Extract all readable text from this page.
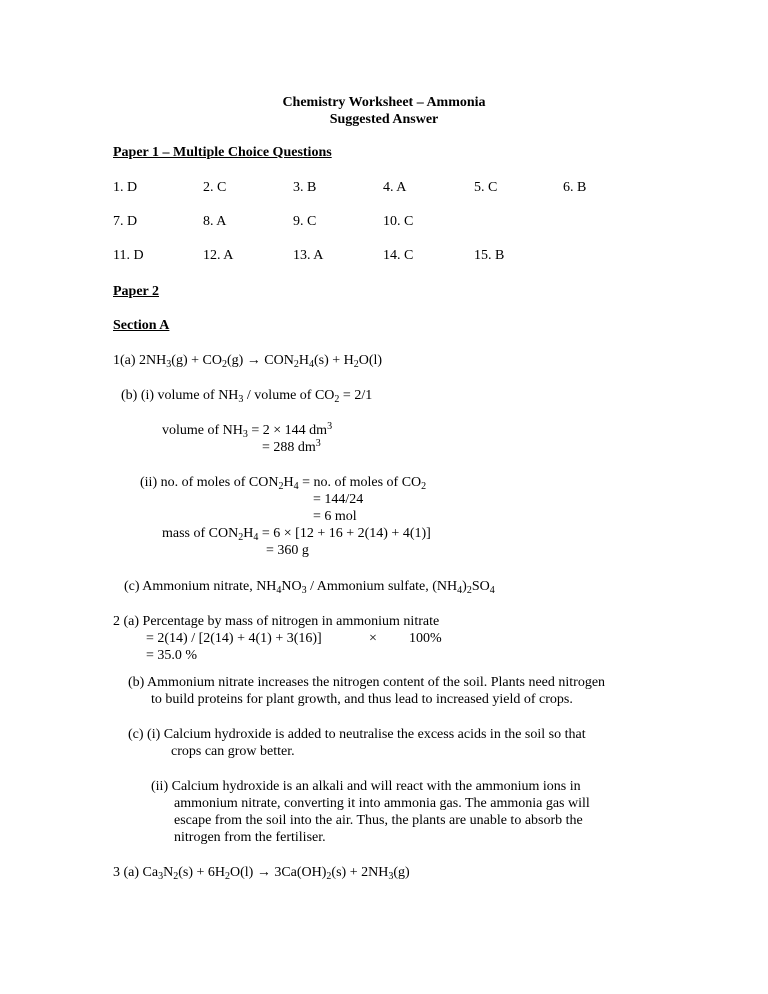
Chemistry Worksheet – Ammonia
Suggested Answer
Paper 1 – Multiple Choice Questions
1. D	2. C	3. B	4. A	5. C	6. B
7. D	8. A	9. C	10. C
11. D	12. A	13. A	14. C	15. B
Paper 2
Section A
1(a) $2NH_3(g) + CO_2(g) \to CON_2H_4(s) + H_2O(l)$
(b) (i) volume of $NH_3$ / volume of $CO_2 = 2/1$
volume of $NH_3 = 2 \times 144$ $dm^3$
= 288 $dm^3$
(ii) no. of moles of $CON_2H_4$ = no. of moles of $CO_2$
= 144/24
= 6 mol
mass of $CON_2H_4 = 6 \times [12 + 16 + 2(14) + 4(1)]$
= 360 g
(c) Ammonium nitrate, $NH_4NO_3$ / Ammonium sulfate, $(NH_4)_2SO_4$
2 (a) Percentage by mass of nitrogen in ammonium nitrate
= 2(14) / [2(14) + 4(1) + 3(16)]	× 100%
= 35.0 %
(b) Ammonium nitrate increases the nitrogen content of the soil. Plants need nitrogen
to build proteins for plant growth, and thus lead to increased yield of crops.
(c) (i) Calcium hydroxide is added to neutralise the excess acids in the soil so that
crops can grow better.
(ii) Calcium hydroxide is an alkali and will react with the ammonium ions in
ammonium nitrate, converting it into ammonia gas. The ammonia gas will
escape from the soil into the air. Thus, the plants are unable to absorb the
nitrogen from the fertiliser.
3 (a) $Ca_3N_2(s) + 6H_2O(l) \to 3Ca(OH)_2(s) + 2NH_3(g)$
